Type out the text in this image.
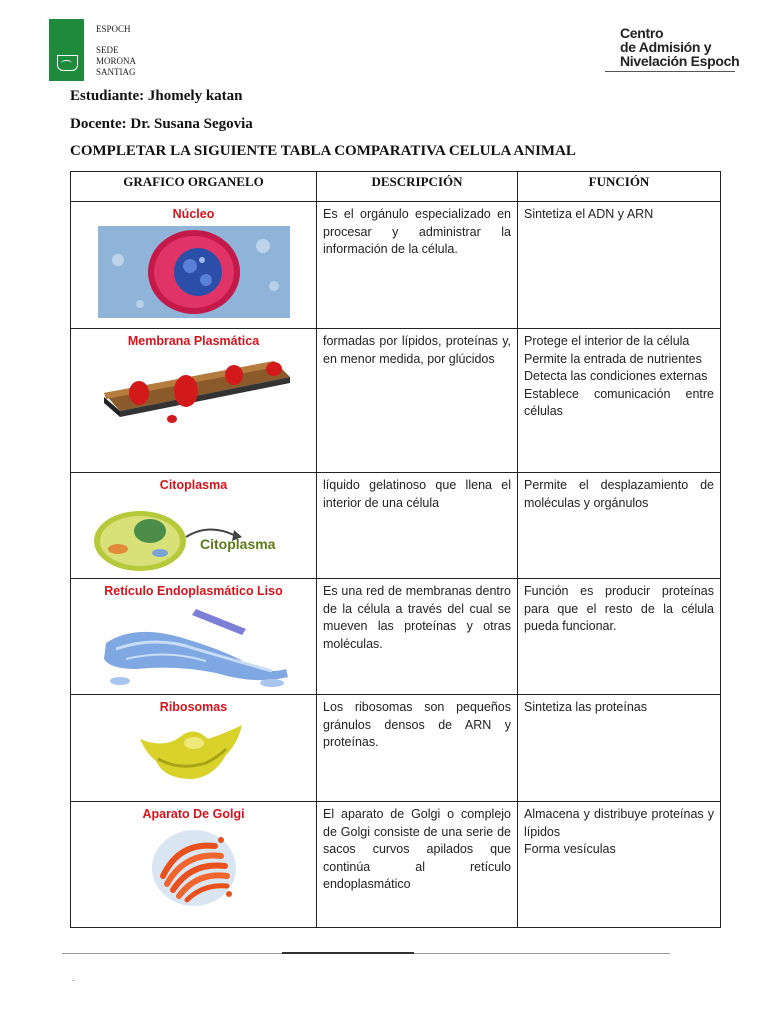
ESPOCH
SEDE
MORONA
SANTIAG
Centro
de Admisión y
Nivelación Espoch
Estudiante: Jhomely katan
Docente: Dr. Susana Segovia
COMPLETAR LA SIGUIENTE TABLA COMPARATIVA CELULA ANIMAL
GRAFICO ORGANELO	DESCRIPCIÓN	FUNCIÓN

Núcleo	Es el orgánulo especializado en procesar y administrar la información de la célula.	Sintetiza el ADN y ARN

Membrana Plasmática	formadas por lípidos, proteínas y, en menor medida, por glúcidos	Protege el interior de la célula
Permite la entrada de nutrientes
Detecta las condiciones externas
Establece comunicación entre células

Citoplasma
Citoplasma	líquido gelatinoso que llena el interior de una célula	Permite el desplazamiento de moléculas y orgánulos

Retículo Endoplasmático Liso	Es una red de membranas dentro de la célula a través del cual se mueven las proteínas y otras moléculas.	Función es producir proteínas para que el resto de la célula pueda funcionar.

Ribosomas	Los ribosomas son pequeños gránulos densos de ARN y proteínas.	Sintetiza las proteínas

Aparato De Golgi	El aparato de Golgi o complejo de Golgi consiste de una serie de sacos curvos apilados que continúa al retículo endoplasmático	Almacena y distribuye proteínas y lípidos
Forma vesículas
.
